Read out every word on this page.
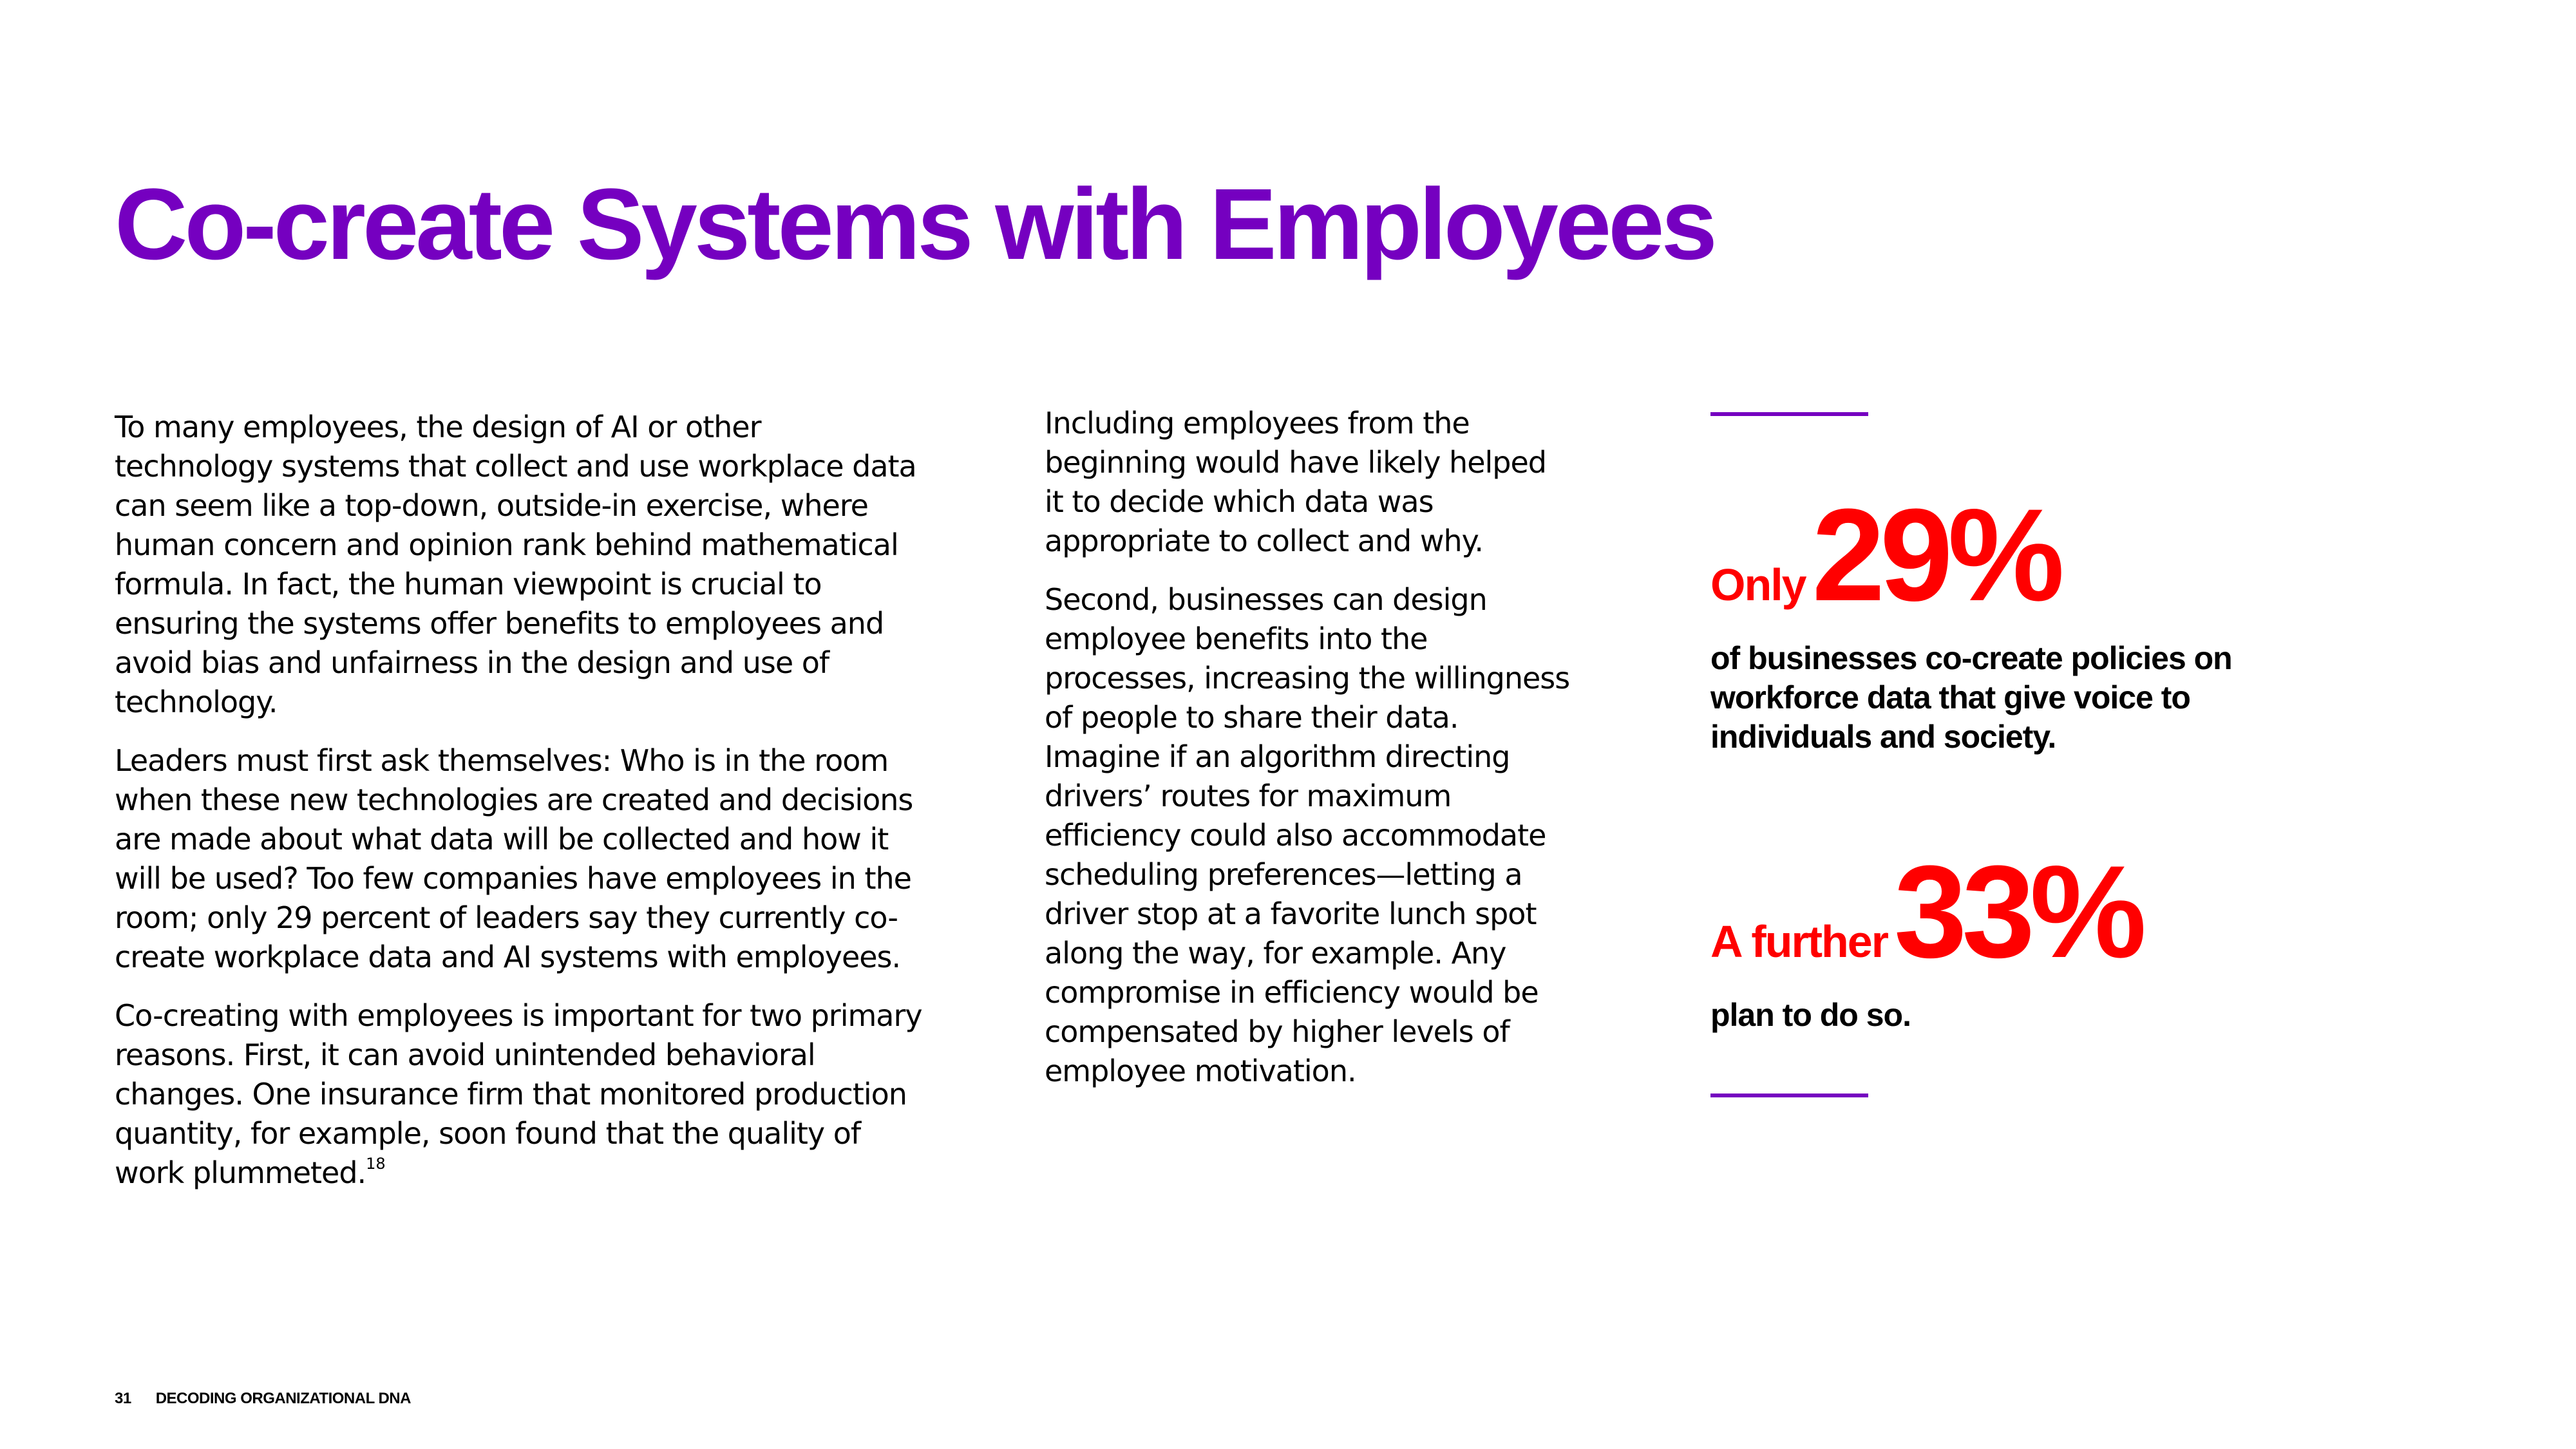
Co-create Systems with Employees

To many employees, the design of AI or other technology systems that collect and use workplace data can seem like a top-down, outside-in exercise, where human concern and opinion rank behind mathematical formula. In fact, the human viewpoint is crucial to ensuring the systems offer benefits to employees and avoid bias and unfairness in the design and use of technology.

Leaders must first ask themselves: Who is in the room when these new technologies are created and decisions are made about what data will be collected and how it will be used? Too few companies have employees in the room; only 29 percent of leaders say they currently co-create workplace data and AI systems with employees.

Co-creating with employees is important for two primary reasons. First, it can avoid unintended behavioral changes. One insurance firm that monitored production quantity, for example, soon found that the quality of work plummeted.$^{18}$

Including employees from the beginning would have likely helped it to decide which data was appropriate to collect and why.

Second, businesses can design employee benefits into the processes, increasing the willingness of people to share their data. Imagine if an algorithm directing drivers’ routes for maximum efficiency could also accommodate scheduling preferences—letting a driver stop at a favorite lunch spot along the way, for example. Any compromise in efficiency would be compensated by higher levels of employee motivation.

Only29%
of businesses co-create policies on workforce data that give voice to individuals and society.
A further33%
plan to do so.
31 DECODING ORGANIZATIONAL DNA
